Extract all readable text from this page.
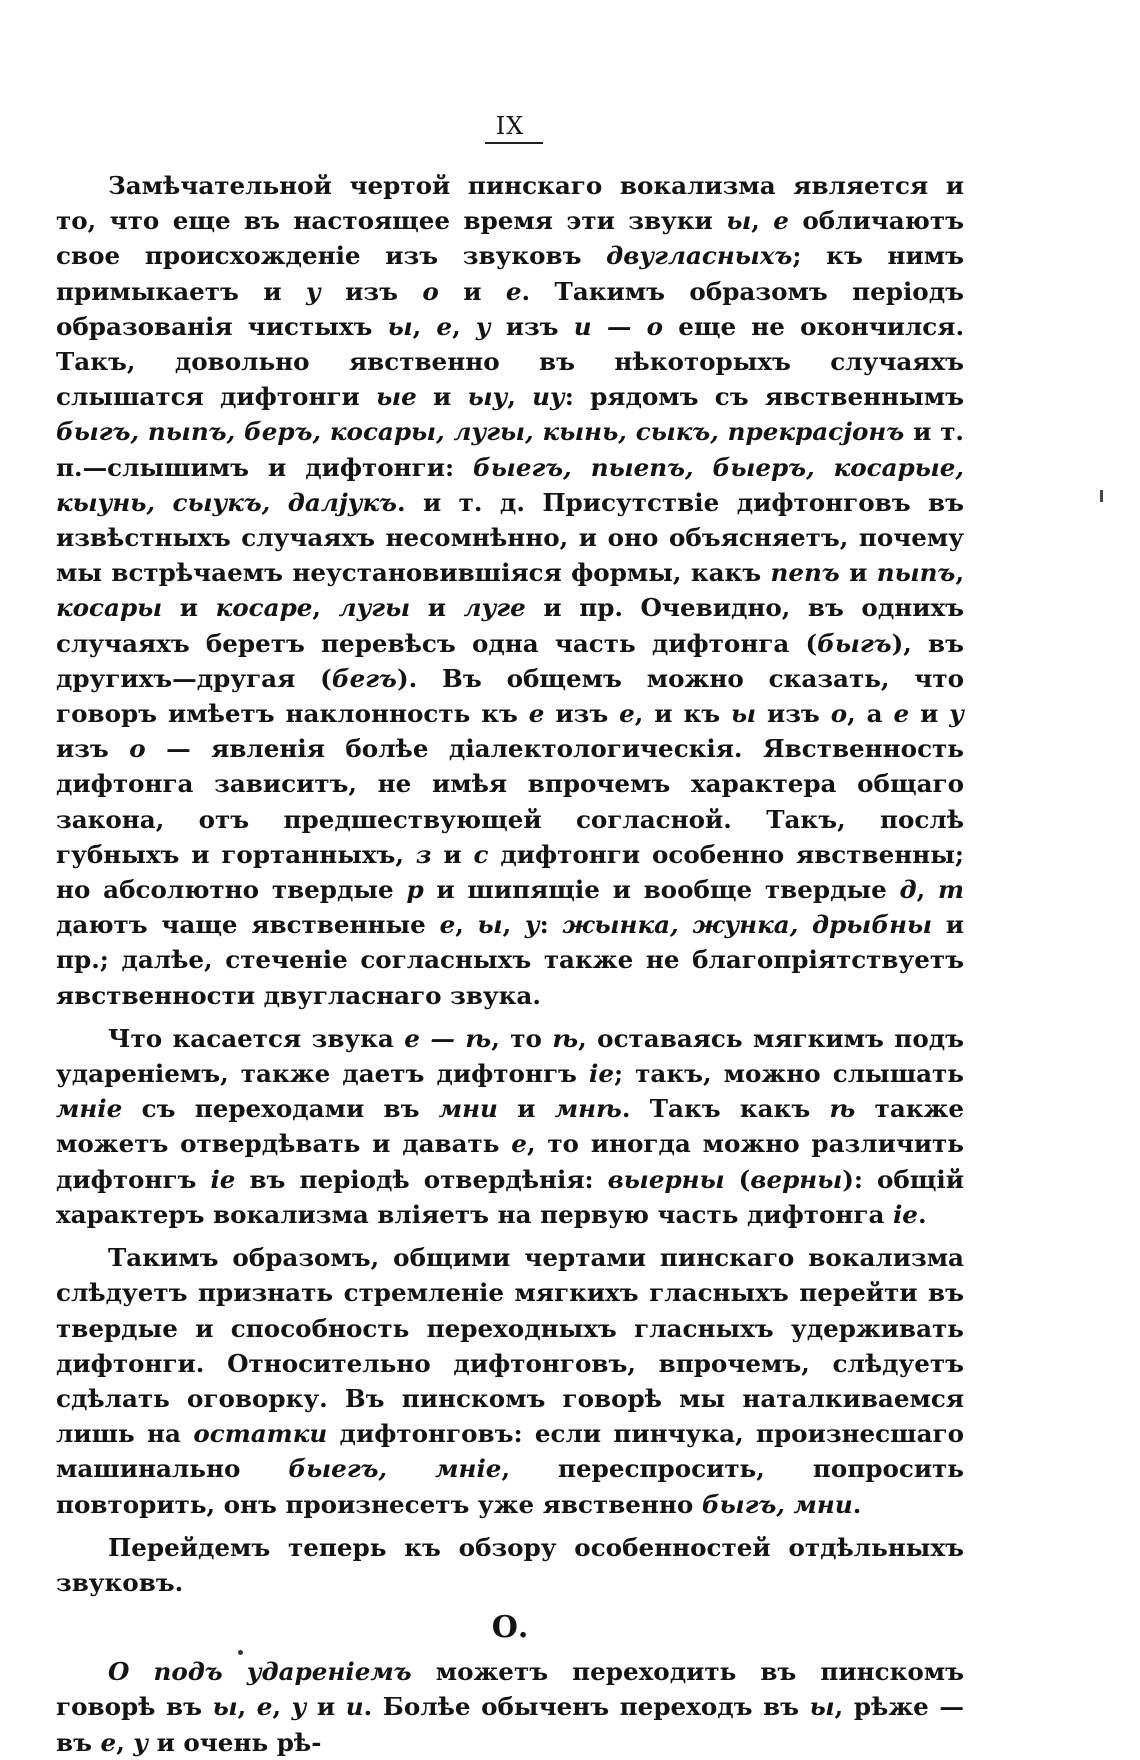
IX

Замѣчательной чертой пинскаго вокализма является и то, что еще въ настоящее время эти звуки ы, e обличаютъ свое происхожденіе изъ звуковъ двугласныхъ; къ нимъ примыкаетъ и у изъ о и е. Такимъ образомъ періодъ образованія чистыхъ ы, e, у изъ и — о еще не окончился. Такъ, довольно явственно въ нѣкоторыхъ случаяхъ слышатся дифтонги ые и ыу, иу: рядомъ съ явственнымъ быгъ, пыпъ, беръ, косары, лугы, кынь, сыкъ, прекрасјонъ и т. п.—слышимъ и дифтонги: быегъ, пыепъ, быеръ, косарые, кыунь, сыукъ, далјукъ. и т. д. Присутствіе дифтонговъ въ извѣстныхъ случаяхъ несомнѣнно, и оно объясняетъ, почему мы встрѣчаемъ неустановившіяся формы, какъ пепъ и пыпъ, косары и косаре, лугы и луге и пр. Очевидно, въ однихъ случаяхъ беретъ перевѣсъ одна часть дифтонга (быгъ), въ другихъ—другая (бегъ). Въ общемъ можно сказать, что говоръ имѣетъ наклонность къ e изъ е, и къ ы изъ о, а e и у изъ о — явленія болѣе діалектологическія. Явственность дифтонга зависитъ, не имѣя впрочемъ характера общаго закона, отъ предшествующей согласной. Такъ, послѣ губныхъ и гортанныхъ, з и с дифтонги особенно явственны; но абсолютно твердые р и шипящіе и вообще твердые д, т даютъ чаще явственные e, ы, у: жынка, жунка, дрыбны и пр.; далѣе, стеченіе согласныхъ также не благопріятствуетъ явственности двугласнаго звука.

Что касается звука е — ѣ, то ѣ, оставаясь мягкимъ подъ удареніемъ, также даетъ дифтонгъ іе; такъ, можно слышать мніе съ переходами въ мни и мнѣ. Такъ какъ ѣ также можетъ отвердѣвать и давать e, то иногда можно различить дифтонгъ іе въ періодѣ отвердѣнія: выерны (верны): общій характеръ вокализма вліяетъ на первую часть дифтонга іе.

Такимъ образомъ, общими чертами пинскаго вокализма слѣдуетъ признать стремленіе мягкихъ гласныхъ перейти въ твердые и способность переходныхъ гласныхъ удерживать дифтонги. Относительно дифтонговъ, впрочемъ, слѣдуетъ сдѣлать оговорку. Въ пинскомъ говорѣ мы наталкиваемся лишь на остатки дифтонговъ: если пинчука, произнесшаго машинально быегъ, мніе, переспросить, попросить повторить, онъ произнесетъ уже явственно быгъ, мни.

Перейдемъ теперь къ обзору особенностей отдѣльныхъ звуковъ.

О.

О подъ удареніемъ можетъ переходить въ пинскомъ говорѣ въ ы, e, у и и. Болѣе обыченъ переходъ въ ы, рѣже — въ e, у и очень рѣ-
